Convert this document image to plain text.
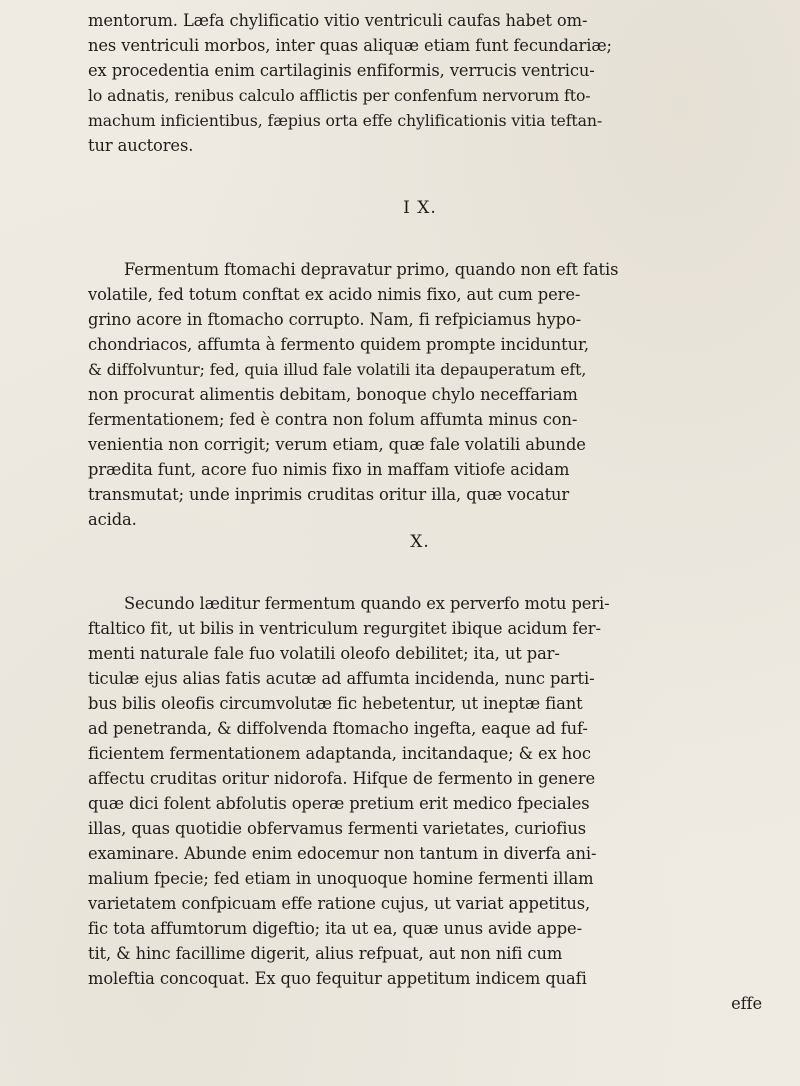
mentorum. Læfa chylificatio vitio ventriculi caufas habet om-
nes ventriculi morbos, inter quas aliquæ etiam funt fecundariæ;
ex procedentia enim cartilaginis enfiformis, verrucis ventricu-
lo adnatis, renibus calculo afflictis per confenfum nervorum fto-
machum inficientibus, fæpius orta effe chylificationis vitia teftan-
tur auctores.
I X.
Fermentum ftomachi depravatur primo, quando non eft fatis
volatile, fed totum conftat ex acido nimis fixo, aut cum pere-
grino acore in ftomacho corrupto. Nam, fi refpiciamus hypo-
chondriacos, affumta à fermento quidem prompte inciduntur,
& diffolvuntur; fed, quia illud fale volatili ita depauperatum eft,
non procurat alimentis debitam, bonoque chylo neceffariam
fermentationem; fed è contra non folum affumta minus con-
venientia non corrigit; verum etiam, quæ fale volatili abunde
prædita funt, acore fuo nimis fixo in maffam vitiofe acidam
transmutat; unde inprimis cruditas oritur illa, quæ vocatur
acida.
X.
Secundo læditur fermentum quando ex perverfo motu peri-
ftaltico fit, ut bilis in ventriculum regurgitet ibique acidum fer-
menti naturale fale fuo volatili oleofo debilitet; ita, ut par-
ticulæ ejus alias fatis acutæ ad affumta incidenda, nunc parti-
bus bilis oleofis circumvolutæ fic hebetentur, ut ineptæ fiant
ad penetranda, & diffolvenda ftomacho ingefta, eaque ad fuf-
ficientem fermentationem adaptanda, incitandaque; & ex hoc
affectu cruditas oritur nidorofa. Hifque de fermento in genere
quæ dici folent abfolutis operæ pretium erit medico fpeciales
illas, quas quotidie obfervamus fermenti varietates, curiofius
examinare. Abunde enim edocemur non tantum in diverfa ani-
malium fpecie; fed etiam in unoquoque homine fermenti illam
varietatem confpicuam effe ratione cujus, ut variat appetitus,
fic tota affumtorum digeftio; ita ut ea, quæ unus avide appe-
tit, & hinc facillime digerit, alius refpuat, aut non nifi cum
moleftia concoquat. Ex quo fequitur appetitum indicem quafi
effe
